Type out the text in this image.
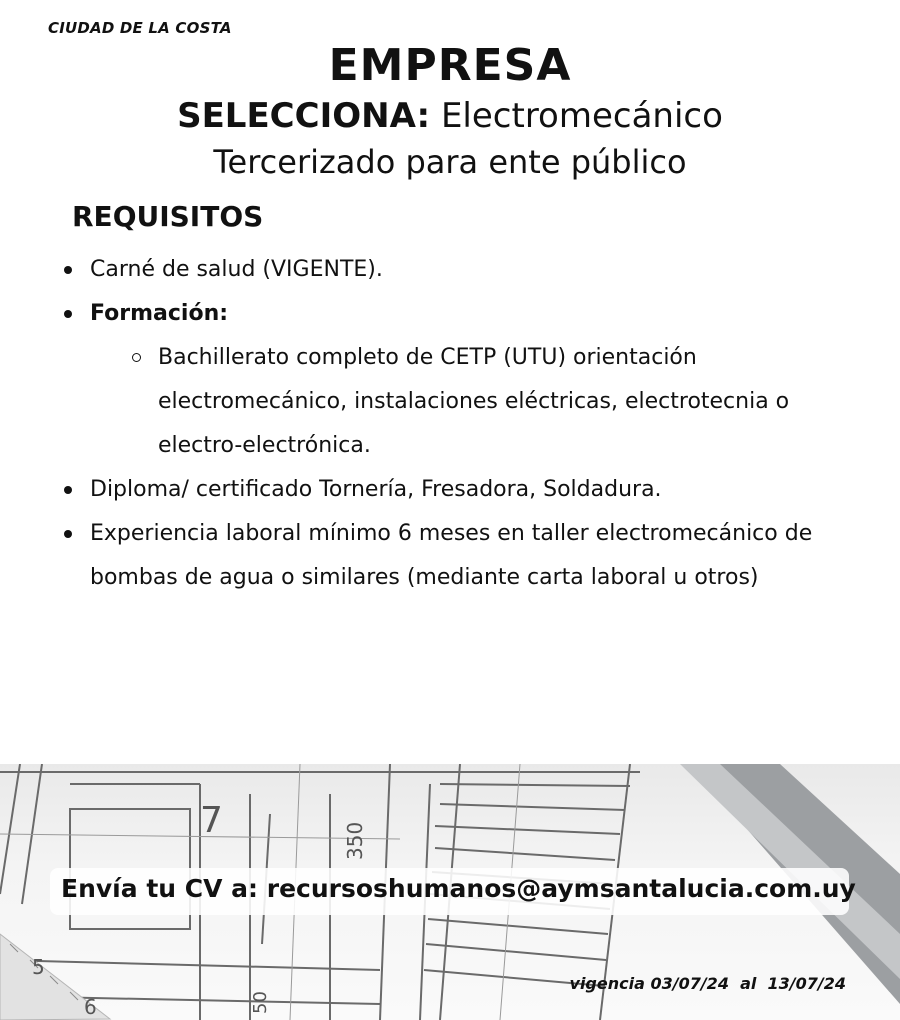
CIUDAD DE LA COSTA
EMPRESA
SELECCIONA: Electromecánico
Tercerizado para ente público
REQUISITOS
Carné de salud (VIGENTE).
Formación:
Bachillerato completo de CETP (UTU) orientación electromecánico, instalaciones eléctricas, electrotecnia o electro-electrónica.
Diploma/ certificado Tornería, Fresadora, Soldadura.
Experiencia laboral mínimo 6 meses en taller electromecánico de bombas de agua o similares (mediante carta laboral u otros)
7	350
5
6	50
Envía tu CV a: recursoshumanos@aymsantalucia.com.uy
vigencia 03/07/24  al  13/07/24
